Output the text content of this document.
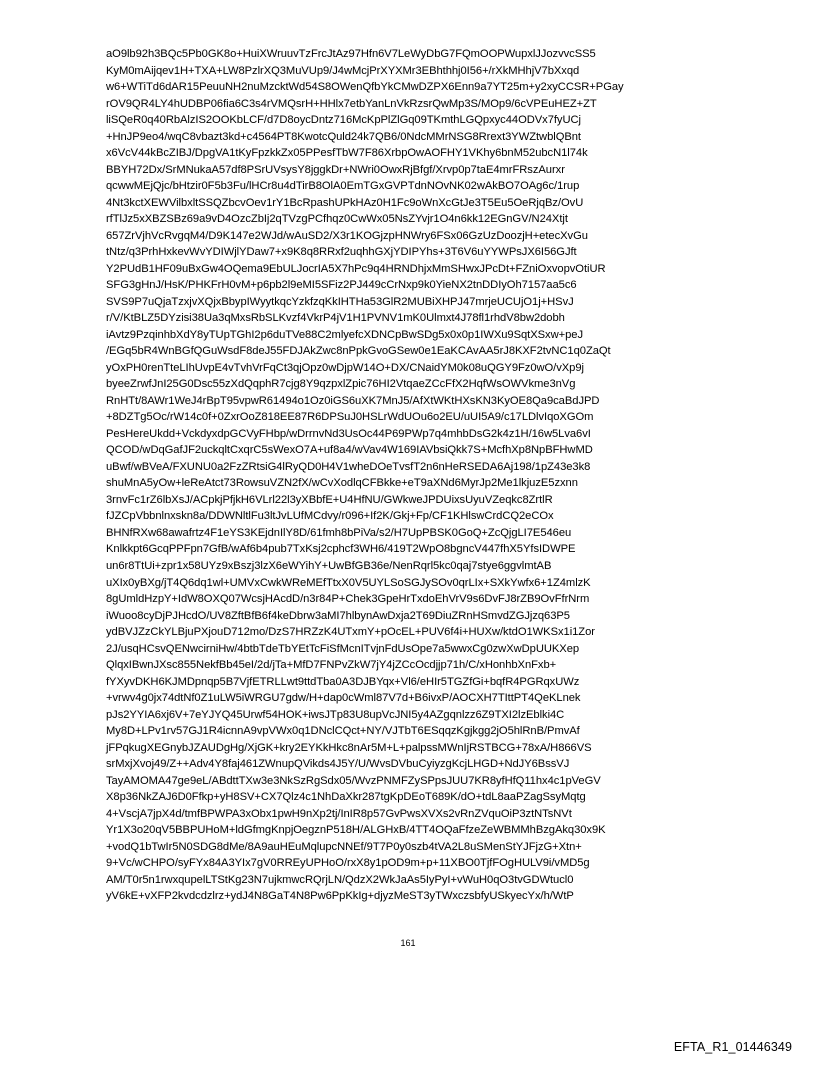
aO9lb92h3BQc5Pb0GK8o+HuiXWruuvTzFrcJtAz97Hfn6V7LeWyDbG7FQmOOPWupxlJJozvvcSS5
KyM0mAijqev1H+TXA+LW8PzlrXQ3MuVUp9/J4wMcjPrXYXMr3EBhthhj0I56+/rXkMHhjV7bXxqd
w6+WTiTd6dAR15PeuuNH2nuMzcktWd54S8OWenQfbYkCMwDZPX6Enn9a7YT25m+y2xyCCSR+PGay
rOV9QR4LY4hUDBP06fia6C3s4rVMQsrH+HHlx7etbYanLnVkRzsrQwMp3S/MOp9/6cVPEuHEZ+ZT
liSQeR0q40RbAlzIS2OOKbLCF/d7D8oycDntz716McKpPlZlGq09TKmthLGQpxyc44ODVx7fyUCj
+HnJP9eo4/wqC8vbazt3kd+c4564PT8KwotcQuld24k7QB6/0NdcMMrNSG8Rrext3YWZtwblQBnt
x6VcV44kBcZIBJ/DpgVA1tKyFpzkkZx05PPesfTbW7F86XrbpOwAOFHY1VKhy6bnM52ubcN1l74k
BBYH72Dx/SrMNukaA57df8PSrUVsysY8jggkDr+NWri0OwxRjBfgf/Xrvp0p7taE4mrFRszAurxr
qcwwMEjQjc/bHtzir0F5b3Fu/lHCr8u4dTirB8OlA0EmTGxGVPTdnNOvNK02wAkBO7OAg6c/1rup
4Nt3kctXEWVilbxltSSQZbcvOev1rY1BcRpashUPkHAz0H1Fc9oWnXcGtJe3T5Eu5OeRjqBz/OvU
rfTlJz5xXBZSBz69a9vD4OzcZbIj2qTVzgPCfhqz0CwWx05NsZYvjr1O4n6kk12EGnGV/N24Xtjt
657ZrVjhVcRvgqM4/D9K147e2WJd/wAuSD2/X3r1KOGjzpHNWry6FSx06GzUzDoozjH+etecXvGu
tNtz/q3PrhHxkevWvYDIWjlYDaw7+x9K8q8RRxf2uqhhGXjYDIPYhs+3T6V6uYYWPsJX6I56GJft
Y2PUdB1HF09uBxGw4OQema9EbULJocrIA5X7hPc9q4HRNDhjxMmSHwxJPcDt+FZniOxvopvOtiUR
SFG3gHnJ/HsK/PHKFrH0vM+p6pb2l9eMI5SFiz2PJ449cCrNxp9k0YieNX2tnDDIyOh7157aa5c6
SVS9P7uQjaTzxjvXQjxBbypIWyytkqcYzkfzqKkIHTHa53GlR2MUBiXHPJ47mrjeUCUjO1j+HSvJ
r/V/KtBLZ5DYzisi38Ua3qMxsRbSLKvzf4VkrP4jV1H1PVNV1mK0Ulmxt4J78fl1rhdV8bw2dobh
iAvtz9PzqinhbXdY8yTUpTGhI2p6duTVe88C2mlyefcXDNCpBwSDg5x0x0p1IWXu9SqtXSxw+peJ
/EGq5bR4WnBGfQGuWsdF8deJ55FDJAkZwc8nPpkGvoGSew0e1EaKCAvAA5rJ8KXF2tvNC1q0ZaQt
yOxPH0renTteLIhUvpE4vTvhVrFqCt3qjOpz0wDjpW14O+DX/CNaidYM0k08uQGY9Fz0wO/vXp9j
byeeZrwfJnI25G0Dsc55zXdQqphR7cjg8Y9qzpxlZpic76HI2VtqaeZCcFfX2HqfWsOWVkme3nVg
RnHTt/8AWr1WeJ4rBpT95vpwR61494o1Oz0iGS6uXK7MnJ5/AfXtWKtHXsKN3KyOE8Qa9caBdJPD
+8DZTg5Oc/rW14c0f+0ZxrOoZ818EE87R6DPSuJ0HSLrWdUOu6o2EU/uUI5A9/c17LDlvIqoXGOm
PesHereUkdd+VckdyxdpGCVyFHbp/wDrrnvNd3UsOc44P69PWp7q4mhbDsG2k4z1H/16w5Lva6vI
QCOD/wDqGafJF2uckqltCxqrC5sWexO7A+uf8a4/wVav4W169IAVbsiQkk7S+McfhXp8NpBFHwMD
uBwf/wBVeA/FXUNU0a2FzZRtsiG4lRyQD0H4V1wheDOeTvsfT2n6nHeRSEDA6Aj198/1pZ43e3k8
shuMnA5yOw+leReAtct73RowsuVZN2fX/wCvXodlqCFBkke+eT9aXNd6MyrJp2Me1lkjuzE5zxnn
3rnvFc1rZ6lbXsJ/ACpkjPfjkH6VLrl22l3yXBbfE+U4HfNU/GWkweJPDUixsUyuVZeqkc8ZrtlR
fJZCpVbbnlnxskn8a/DDWNltlFu3ltJvLUfMCdvy/r096+If2K/Gkj+Fp/CF1KHlswCrdCQ2eCOx
BHNfRXw68awafrtz4F1eYS3KEjdnIlY8D/61fmh8bPiVa/s2/H7UpPBSK0GoQ+ZcQjgLI7E546eu
Knlkkpt6GcqPPFpn7GfB/wAf6b4pub7TxKsj2cphcf3WH6/419T2WpO8bgncV447fhX5YfsIDWPE
un6r8TtUi+zpr1x58UYz9xBszj3lzX6eWYihY+UwBfGB36e/NenRqrl5kc0qaj7stye6ggvlmtAB
uXIx0yBXg/jT4Q6dq1wl+UMVxCwkWReMEfTtxX0V5UYLSoSGJySOv0qrLIx+SXkYwfx6+1Z4mlzK
8gUmldHzpY+IdW8OXQ07WcsjHAcdD/n3r84P+Chek3GpeHrTxdoEhVrV9s6DvFJ8rZB9OvFfrNrm
iWuoo8cyDjPJHcdO/UV8ZftBfB6f4keDbrw3aMI7hlbynAwDxja2T69DiuZRnHSmvdZGJjzq63P5
ydBVJZzCkYLBjuPXjouD712mo/DzS7HRZzK4UTxmY+pOcEL+PUV6f4i+HUXw/ktdO1WKSx1i1Zor
2J/usqHCsvQENwcirniHw/4btbTdeTbYEtTcFiSfMcnITvjnFdUsOpe7a5wwxCg0zwXwDpUUKXep
QlqxIBwnJXsc855NekfBb45eI/2d/jTa+MfD7FNPvZkW7jY4jZCcOcdjjp71h/C/xHonhbXnFxb+
fYXyvDKH6KJMDpnqp5B7VjfETRLLwt9ttdTba0A3DJBYqx+Vl6/eHIr5TGZfGi+bqfR4PGRqxUWz
+vrwv4g0jx74dtNf0Z1uLW5iWRGU7gdw/H+dap0cWml87V7d+B6ivxP/AOCXH7TIttPT4QeKLnek
pJs2YYIA6xj6V+7eYJYQ45Urwf54HOK+iwsJTp83U8upVcJNI5y4AZgqnlzz6Z9TXI2lzEblki4C
My8D+LPv1rv57GJ1R4icnnA9vpVWx0q1DNclCQct+NY/VJTbT6ESqqzKgjkgg2jO5hlRnB/PmvAf
jFPqkugXEGnybJZAUDgHg/XjGK+kry2EYKkHkc8nAr5M+L+palpssMWnIjRSTBCG+78xA/H866VS
srMxjXvoj49/Z++Adv4Y8faj461ZWnupQVikds4J5Y/U/WvsDVbuCyiyzgKcjLHGD+NdJY6BssVJ
TayAMOMA47ge9eL/ABdttTXw3e3NkSzRgSdx05/WvzPNMFZySPpsJUU7KR8yfHfQ11hx4c1pVeGV
X8p36NkZAJ6D0Ffkp+yH8SV+CX7Qlz4c1NhDaXkr287tgKpDEoT689K/dO+tdL8aaPZagSsyMqtg
4+VscjA7jpX4d/tmfBPWPA3xObx1pwH9nXp2tj/InIR8p57GvPwsXVXs2vRnZVquOiP3ztNTsNVt
Yr1X3o20qV5BBPUHoM+ldGfmgKnpjOegznP518H/ALGHxB/4TT4OQaFfzeZeWBMMhBzgAkq30x9K
+vodQ1bTwIr5N0SDG8dMe/8A9auHEuMqlupcNNEf/9T7P0y0szb4tVA2L8uSMenStYJFjzG+Xtn+
9+Vc/wCHPO/syFYx84A3YIx7gV0RREyUPHoO/rxX8y1pOD9m+p+11XBO0TjfFOgHULV9i/vMD5g
AM/T0r5n1rwxqupelLTStKg23N7ujkmwcRQrjLN/QdzX2WkJaAs5IyPyI+vWuH0qO3tvGDWtucl0
yV6kE+vXFP2kvdcdzlrz+ydJ4N8GaT4N8Pw6PpKkIg+djyzMeST3yTWxczsbfyUSkyecYx/h/WtP
161
EFTA_R1_01446349
